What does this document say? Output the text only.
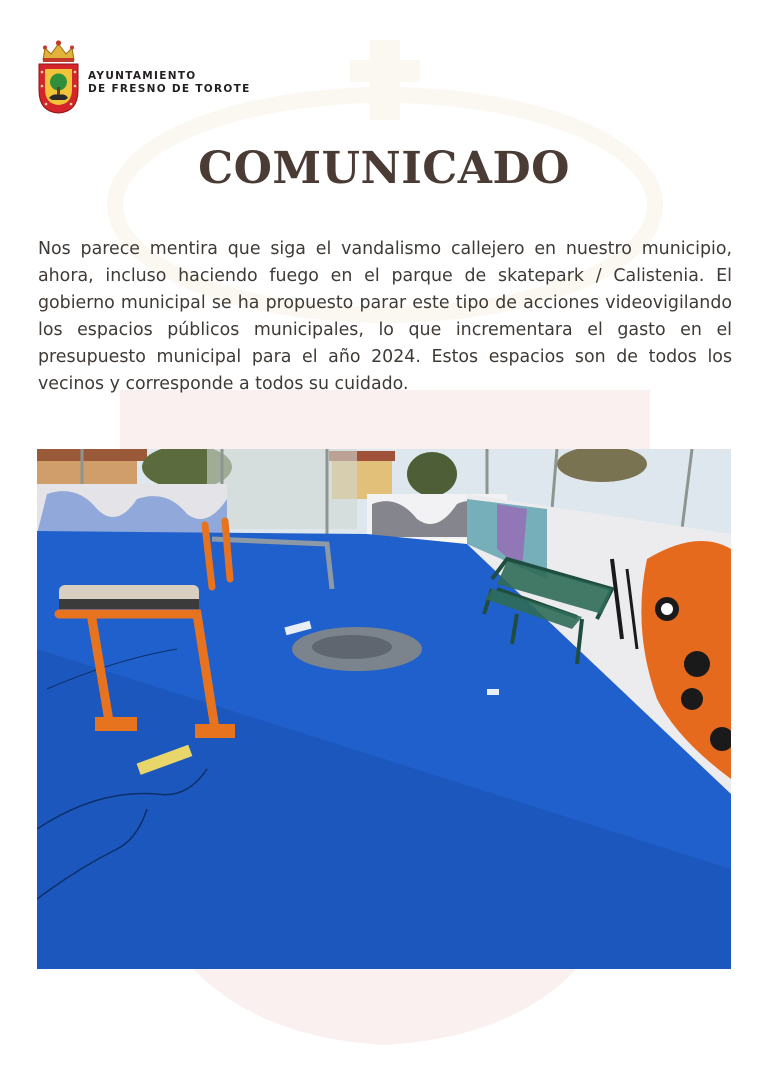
AYUNTAMIENTO
DE FRESNO DE TOROTE
COMUNICADO

Nos parece mentira que siga el vandalismo callejero en nuestro municipio, ahora, incluso haciendo fuego en el parque de skatepark / Calistenia. El gobierno municipal se ha propuesto parar este tipo de acciones videovigilando los espacios públicos municipales, lo que incrementara el gasto en el presupuesto municipal para el año 2024. Estos espacios son de todos los vecinos y corresponde a todos su cuidado.
